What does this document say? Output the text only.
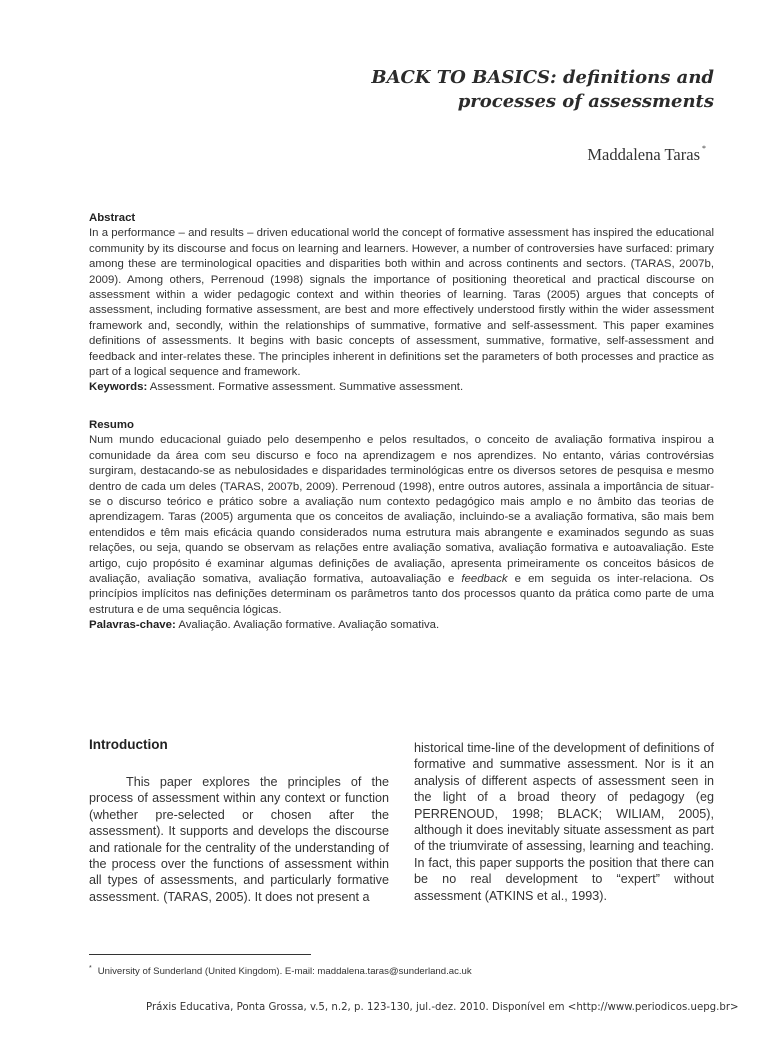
BACK TO BASICS: definitions and processes of assessments
Maddalena Taras *
Abstract

In a performance – and results – driven educational world the concept of formative assessment has inspired the educational community by its discourse and focus on learning and learners. However, a number of controversies have surfaced: primary among these are terminological opacities and disparities both within and across continents and sectors. (TARAS, 2007b, 2009). Among others, Perrenoud (1998) signals the importance of positioning theoretical and practical discourse on assessment within a wider pedagogic context and within theories of learning. Taras (2005) argues that concepts of assessment, including formative assessment, are best and more effectively understood firstly within the wider assessment framework and, secondly, within the relationships of summative, formative and self-assessment. This paper examines definitions of assessments. It begins with basic concepts of assessment, summative, formative, self-assessment and feedback and inter-relates these. The principles inherent in definitions set the parameters of both processes and practice as part of a logical sequence and framework.

Keywords: Assessment. Formative assessment. Summative assessment.
Resumo

Num mundo educacional guiado pelo desempenho e pelos resultados, o conceito de avaliação formativa inspirou a comunidade da área com seu discurso e foco na aprendizagem e nos aprendizes. No entanto, várias controvérsias surgiram, destacando-se as nebulosidades e disparidades terminológicas entre os diversos setores de pesquisa e mesmo dentro de cada um deles (TARAS, 2007b, 2009). Perrenoud (1998), entre outros autores, assinala a importância de situar-se o discurso teórico e prático sobre a avaliação num contexto pedagógico mais amplo e no âmbito das teorias de aprendizagem. Taras (2005) argumenta que os conceitos de avaliação, incluindo-se a avaliação formativa, são mais bem entendidos e têm mais eficácia quando considerados numa estrutura mais abrangente e examinados segundo as suas relações, ou seja, quando se observam as relações entre avaliação somativa, avaliação formativa e autoavaliação. Este artigo, cujo propósito é examinar algumas definições de avaliação, apresenta primeiramente os conceitos básicos de avaliação, avaliação somativa, avaliação formativa, autoavaliação e feedback e em seguida os inter-relaciona. Os princípios implícitos nas definições determinam os parâmetros tanto dos processos quanto da prática como parte de uma estrutura e de uma sequência lógicas.

Palavras-chave: Avaliação. Avaliação formative. Avaliação somativa.
Introduction
This paper explores the principles of the process of assessment within any context or function (whether pre-selected or chosen after the assessment). It supports and develops the discourse and rationale for the centrality of the understanding of the process over the functions of assessment within all types of assessments, and particularly formative assessment. (TARAS, 2005). It does not present a
historical time-line of the development of definitions of formative and summative assessment. Nor is it an analysis of different aspects of assessment seen in the light of a broad theory of pedagogy (eg PERRENOUD, 1998; BLACK; WILIAM, 2005), although it does inevitably situate assessment as part of the triumvirate of assessing, learning and teaching. In fact, this paper supports the position that there can be no real development to “expert” without assessment (ATKINS et al., 1993).
* University of Sunderland (United Kingdom). E-mail: maddalena.taras@sunderland.ac.uk
Práxis Educativa, Ponta Grossa, v.5, n.2, p. 123-130, jul.-dez. 2010. Disponível em <http://www.periodicos.uepg.br>
